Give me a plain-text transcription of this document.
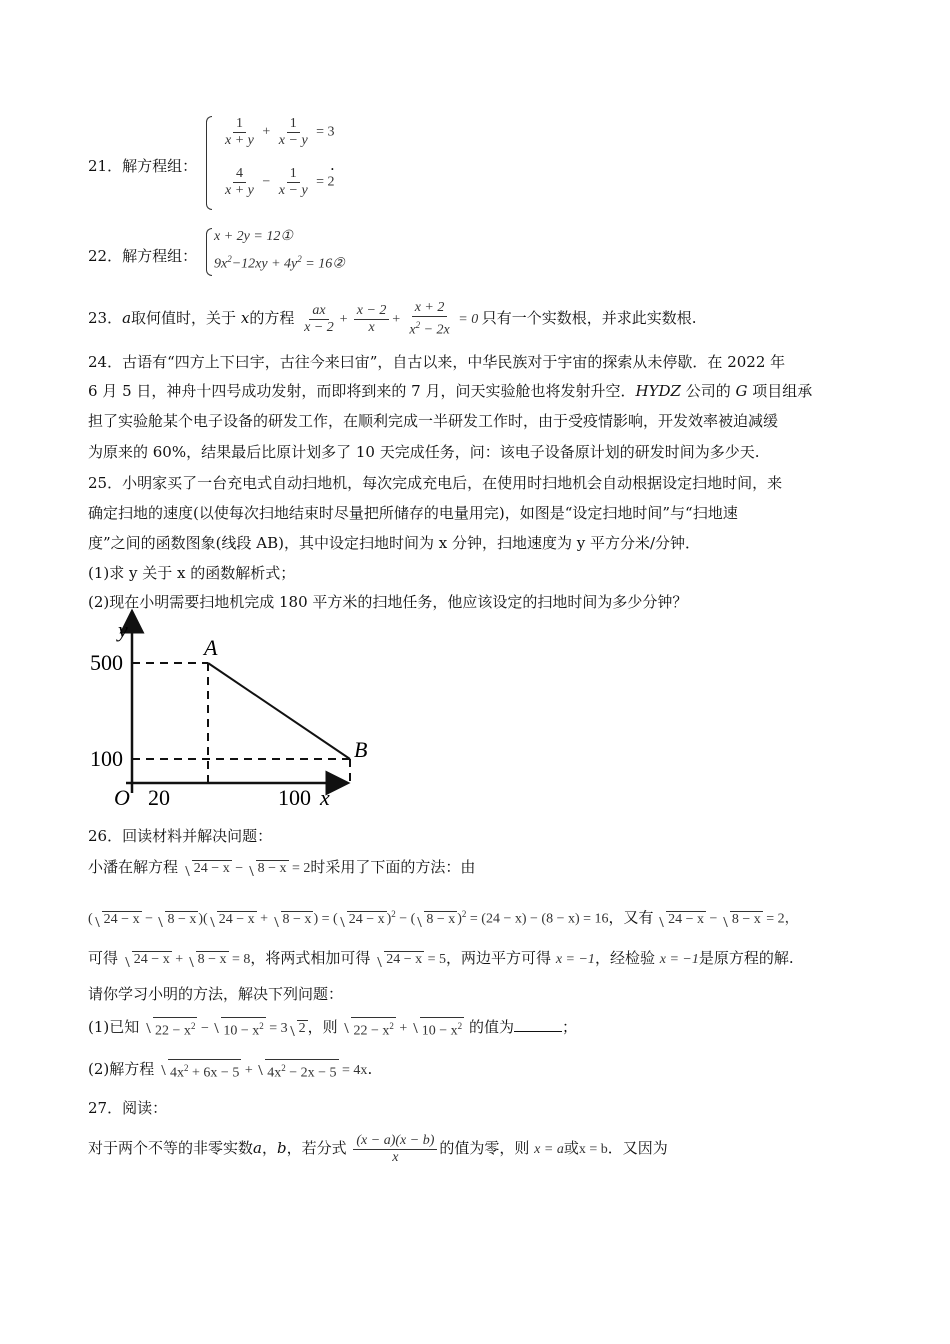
21．解方程组：
$\frac{1}{x + y} + \frac{1}{x - y} = 3$
$\frac{4}{x + y} - \frac{1}{x - y} = 2$
.
22．解方程组：
x + 2y = 12①
$9x^2-12xy + 4y^2$ = 16②
23．a取何值时，关于 x的方程 $\frac{ax}{x - 2} + \frac{x - 2}{x} + \frac{x + 2}{x^2 - 2x} = 0$ 只有一个实数根，并求此实数根.
24．古语有“四方上下曰宇，古往今来曰宙”，自古以来，中华民族对于宇宙的探索从未停歇．在 2022 年
6 月 5 日，神舟十四号成功发射，而即将到来的 7 月，问天实验舱也将发射升空．HYDZ 公司的 G 项目组承
担了实验舱某个电子设备的研发工作，在顺利完成一半研发工作时，由于受疫情影响，开发效率被迫减缓
为原来的 60%，结果最后比原计划多了 10 天完成任务，问：该电子设备原计划的研发时间为多少天.
25．小明家买了一台充电式自动扫地机，每次完成充电后，在使用时扫地机会自动根据设定扫地时间，来
确定扫地的速度(以使每次扫地结束时尽量把所储存的电量用完)，如图是“设定扫地时间”与“扫地速
度”之间的函数图象(线段 AB)，其中设定扫地时间为 x 分钟，扫地速度为 y 平方分米/分钟．
(1)求 y 关于 x 的函数解析式；
(2)现在小明需要扫地机完成 180 平方米的扫地任务，他应该设定的扫地时间为多少分钟？
y
x
O
500
100
20	100
A
B
26．回读材料并解决问题：
小潘在解方程 24 − x − 8 − x = 2时采用了下面的方法：由
( 24 − x − 8 − x )( 24 − x + 8 − x ) = ( 24 − x )$^2$ − ( 8 − x )$^2$ = (24 − x) − (8 − x) = 16，又有 24 − x − 8 − x = 2，
可得 24 − x + 8 − x = 8，将两式相加可得 24 − x = 5，两边平方可得 x = −1，经检验 x = −1是原方程的解.
请你学习小明的方法，解决下列问题：
(1)已知 $22 - x^2 - 10 - x^2 = 3$ 2 ，则 $22 - x^2 + 10 - x^2$ 的值为	；
(2)解方程 $4x^2 + 6x - 5 + 4x^2 - 2x - 5 = 4x$.
27．阅读：
对于两个不等的非零实数a，b，若分式 $\frac{(x - a)(x - b)}{x}$ 的值为零，则 x = a或x = b．又因为
